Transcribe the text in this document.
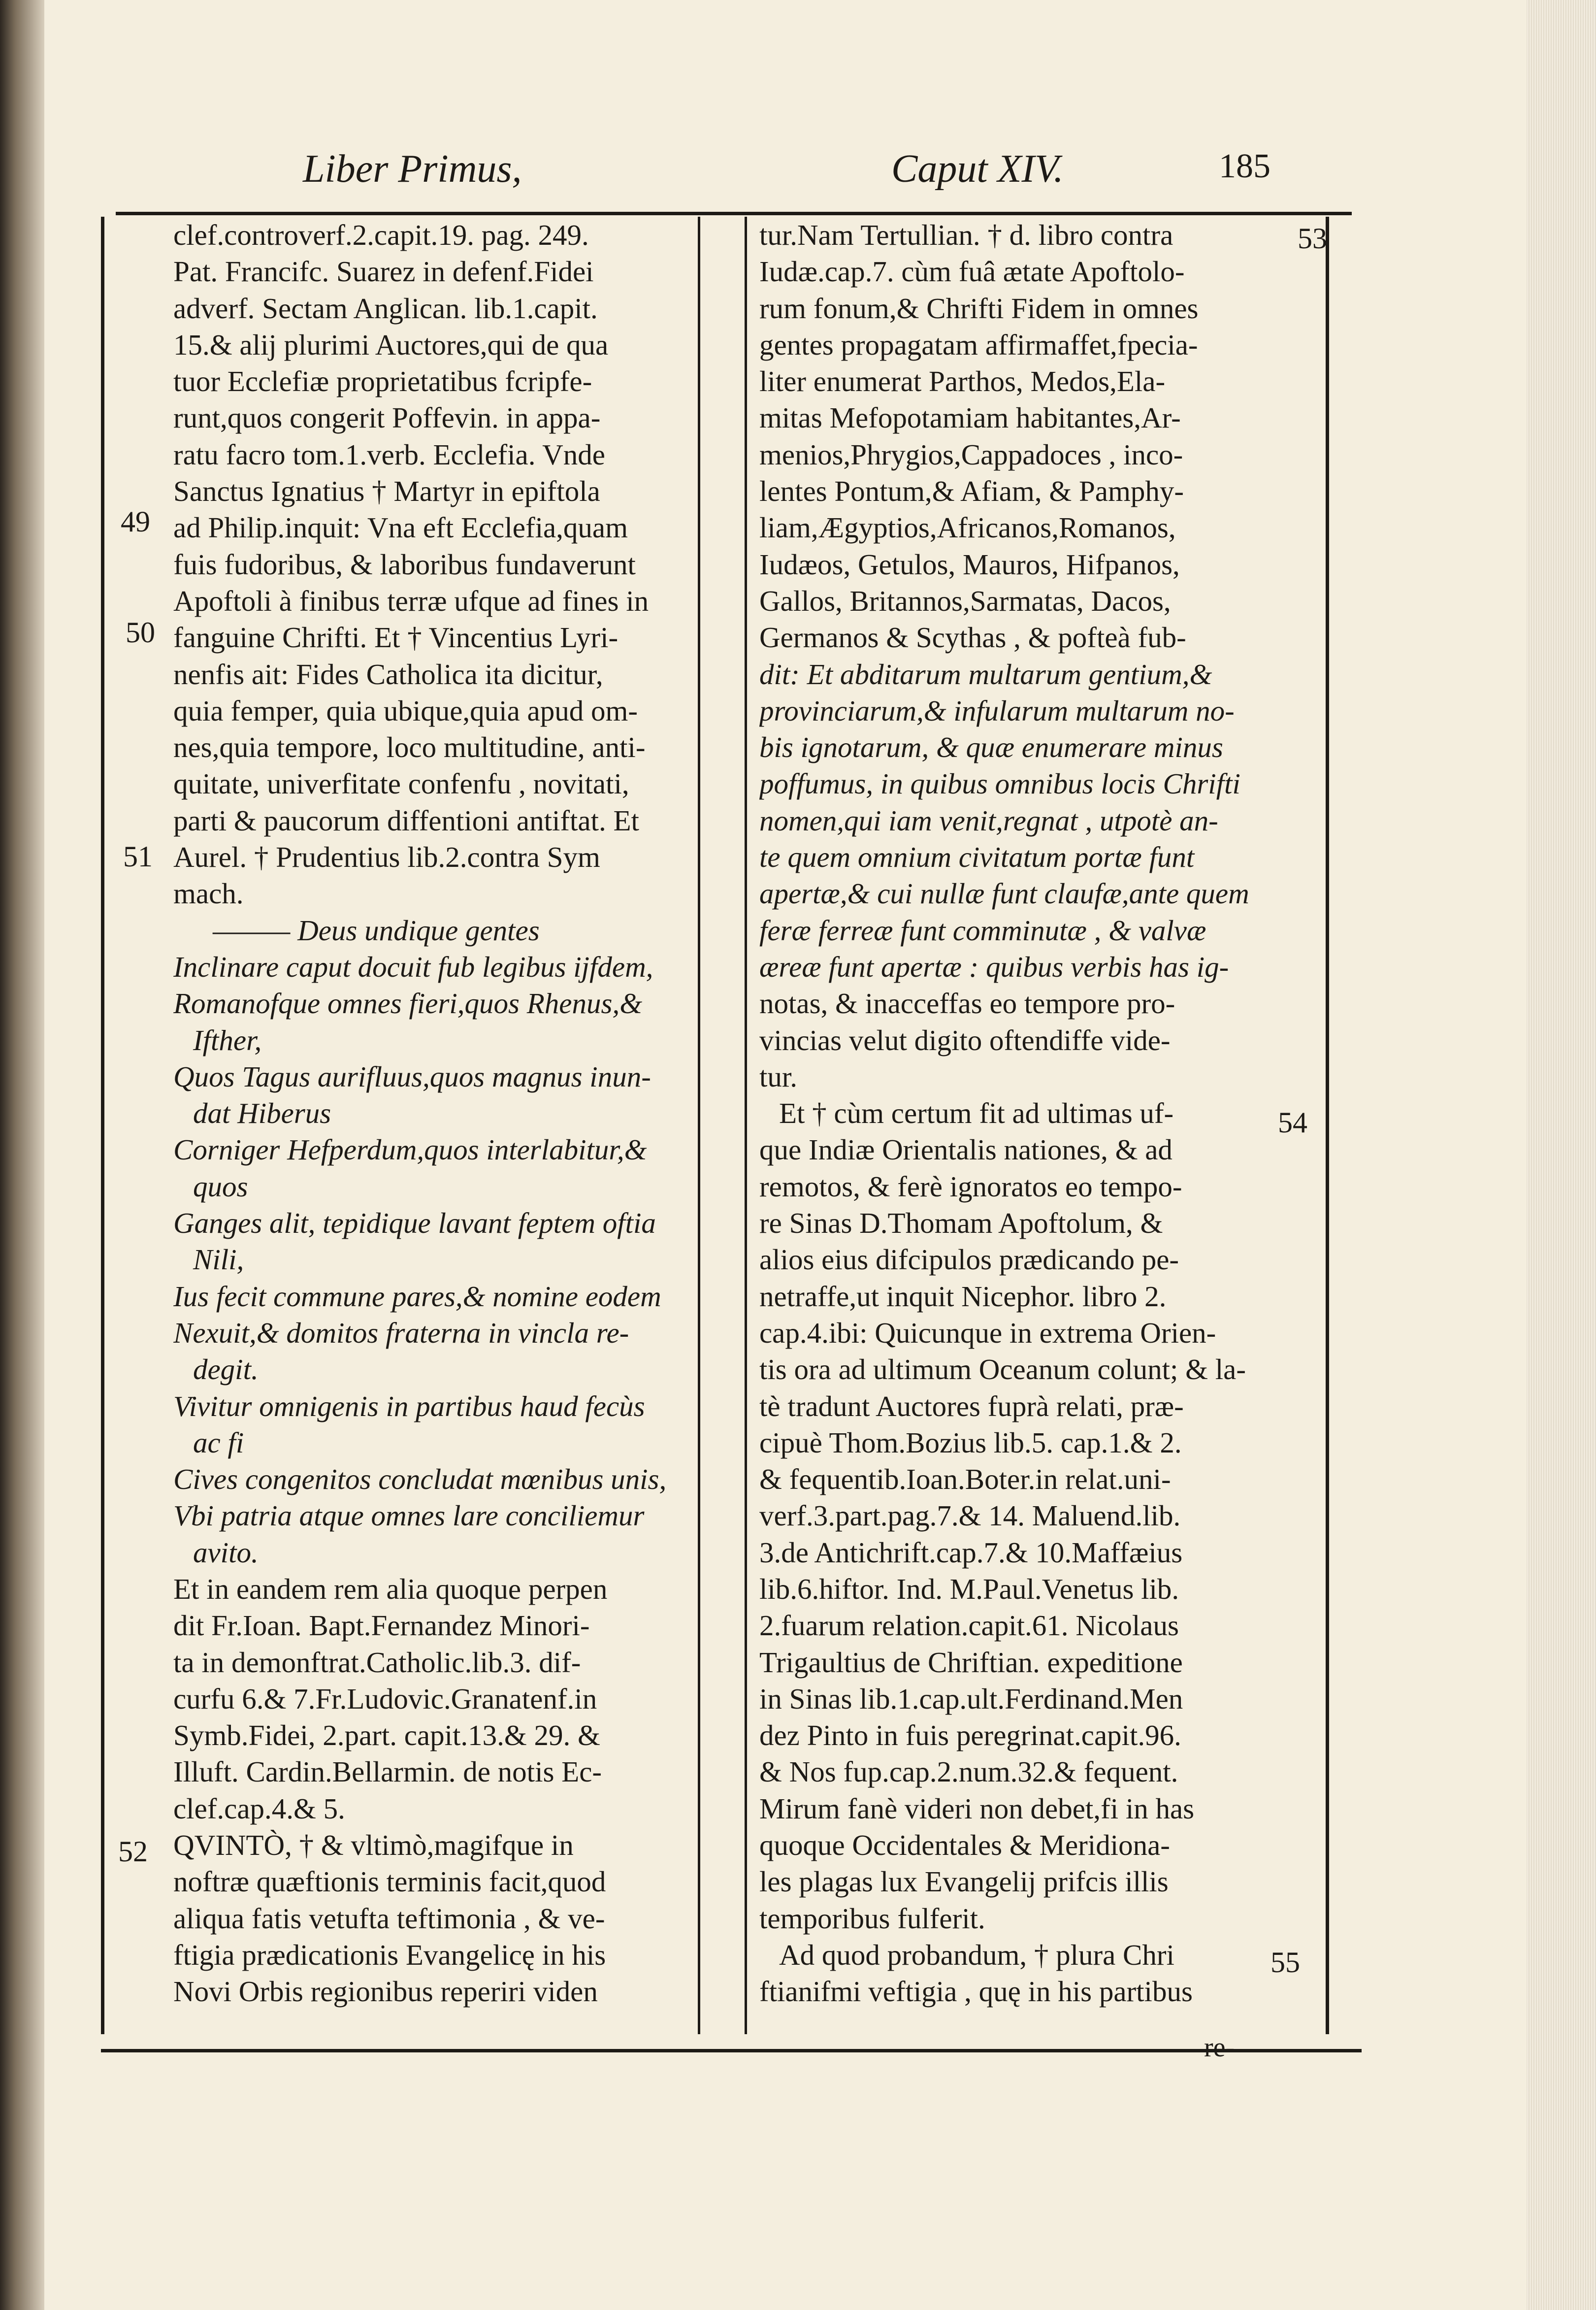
Liber Primus,	Caput XIV.	185
clef.controverf.2.capit.19. pag. 249.
Pat. Francifc. Suarez in defenf.Fidei
adverf. Sectam Anglican. lib.1.capit.
15.& alij plurimi Auctores,qui de qua
tuor Ecclefiæ proprietatibus fcripfe-
runt,quos congerit Poffevin. in appa-
ratu facro tom.1.verb. Ecclefia. Vnde
Sanctus Ignatius † Martyr in epiftola
ad Philip.inquit: Vna eft Ecclefia,quam
fuis fudoribus, & laboribus fundaverunt
Apoftoli à finibus terræ ufque ad fines in
fanguine Chrifti. Et † Vincentius Lyri-
nenfis ait: Fides Catholica ita dicitur,
quia femper, quia ubique,quia apud om-
nes,quia tempore, loco multitudine, anti-
quitate, univerfitate confenfu , novitati,
parti & paucorum diffentioni antiftat. Et
Aurel. † Prudentius lib.2.contra Sym
mach.
——— Deus undique gentes
Inclinare caput docuit fub legibus ijfdem,
Romanofque omnes fieri,quos Rhenus,&
Ifther,
Quos Tagus aurifluus,quos magnus inun-
dat Hiberus
Corniger Hefperdum,quos interlabitur,&
quos
Ganges alit, tepidique lavant feptem oftia
Nili,
Ius fecit commune pares,& nomine eodem
Nexuit,& domitos fraterna in vincla re-
degit.
Vivitur omnigenis in partibus haud fecùs
ac fi
Cives congenitos concludat mœnibus unis,
Vbi patria atque omnes lare conciliemur
avito.
Et in eandem rem alia quoque perpen
dit Fr.Ioan. Bapt.Fernandez Minori-
ta in demonftrat.Catholic.lib.3. dif-
curfu 6.& 7.Fr.Ludovic.Granatenf.in
Symb.Fidei, 2.part. capit.13.& 29. &
Illuft. Cardin.Bellarmin. de notis Ec-
clef.cap.4.& 5.
QVINTÒ, † & vltimò,magifque in
noftræ quæftionis terminis facit,quod
aliqua fatis vetufta teftimonia , & ve-
ftigia prædicationis Evangelicę in his
Novi Orbis regionibus reperiri viden
tur.Nam Tertullian. † d. libro contra
Iudæ.cap.7. cùm fuâ ætate Apoftolo-
rum fonum,& Chrifti Fidem in omnes
gentes propagatam affirmaffet,fpecia-
liter enumerat Parthos, Medos,Ela-
mitas Mefopotamiam habitantes,Ar-
menios,Phrygios,Cappadoces , inco-
lentes Pontum,& Afiam, & Pamphy-
liam,Ægyptios,Africanos,Romanos,
Iudæos, Getulos, Mauros, Hifpanos,
Gallos, Britannos,Sarmatas, Dacos,
Germanos & Scythas , & pofteà fub-
dit: Et abditarum multarum gentium,&
provinciarum,& infularum multarum no-
bis ignotarum, & quæ enumerare minus
poffumus, in quibus omnibus locis Chrifti
nomen,qui iam venit,regnat , utpotè an-
te quem omnium civitatum portæ funt
apertæ,& cui nullæ funt claufæ,ante quem
feræ ferreæ funt comminutæ , & valvæ
æreæ funt apertæ : quibus verbis has ig-
notas, & inacceffas eo tempore pro-
vincias velut digito oftendiffe vide-
tur.
Et † cùm certum fit ad ultimas uf-
que Indiæ Orientalis nationes, & ad
remotos, & ferè ignoratos eo tempo-
re Sinas D.Thomam Apoftolum, &
alios eius difcipulos prædicando pe-
netraffe,ut inquit Nicephor. libro 2.
cap.4.ibi: Quicunque in extrema Orien-
tis ora ad ultimum Oceanum colunt; & la-
tè tradunt Auctores fuprà relati, præ-
cipuè Thom.Bozius lib.5. cap.1.& 2.
& fequentib.Ioan.Boter.in relat.uni-
verf.3.part.pag.7.& 14. Maluend.lib.
3.de Antichrift.cap.7.& 10.Maffæius
lib.6.hiftor. Ind. M.Paul.Venetus lib.
2.fuarum relation.capit.61. Nicolaus
Trigaultius de Chriftian. expeditione
in Sinas lib.1.cap.ult.Ferdinand.Men
dez Pinto in fuis peregrinat.capit.96.
& Nos fup.cap.2.num.32.& fequent.
Mirum fanè videri non debet,fi in has
quoque Occidentales & Meridiona-
les plagas lux Evangelij prifcis illis
temporibus fulferit.
Ad quod probandum, † plura Chri
ftianifmi veftigia , quę in his partibus
49
50
51
52
53
54
55
re-
